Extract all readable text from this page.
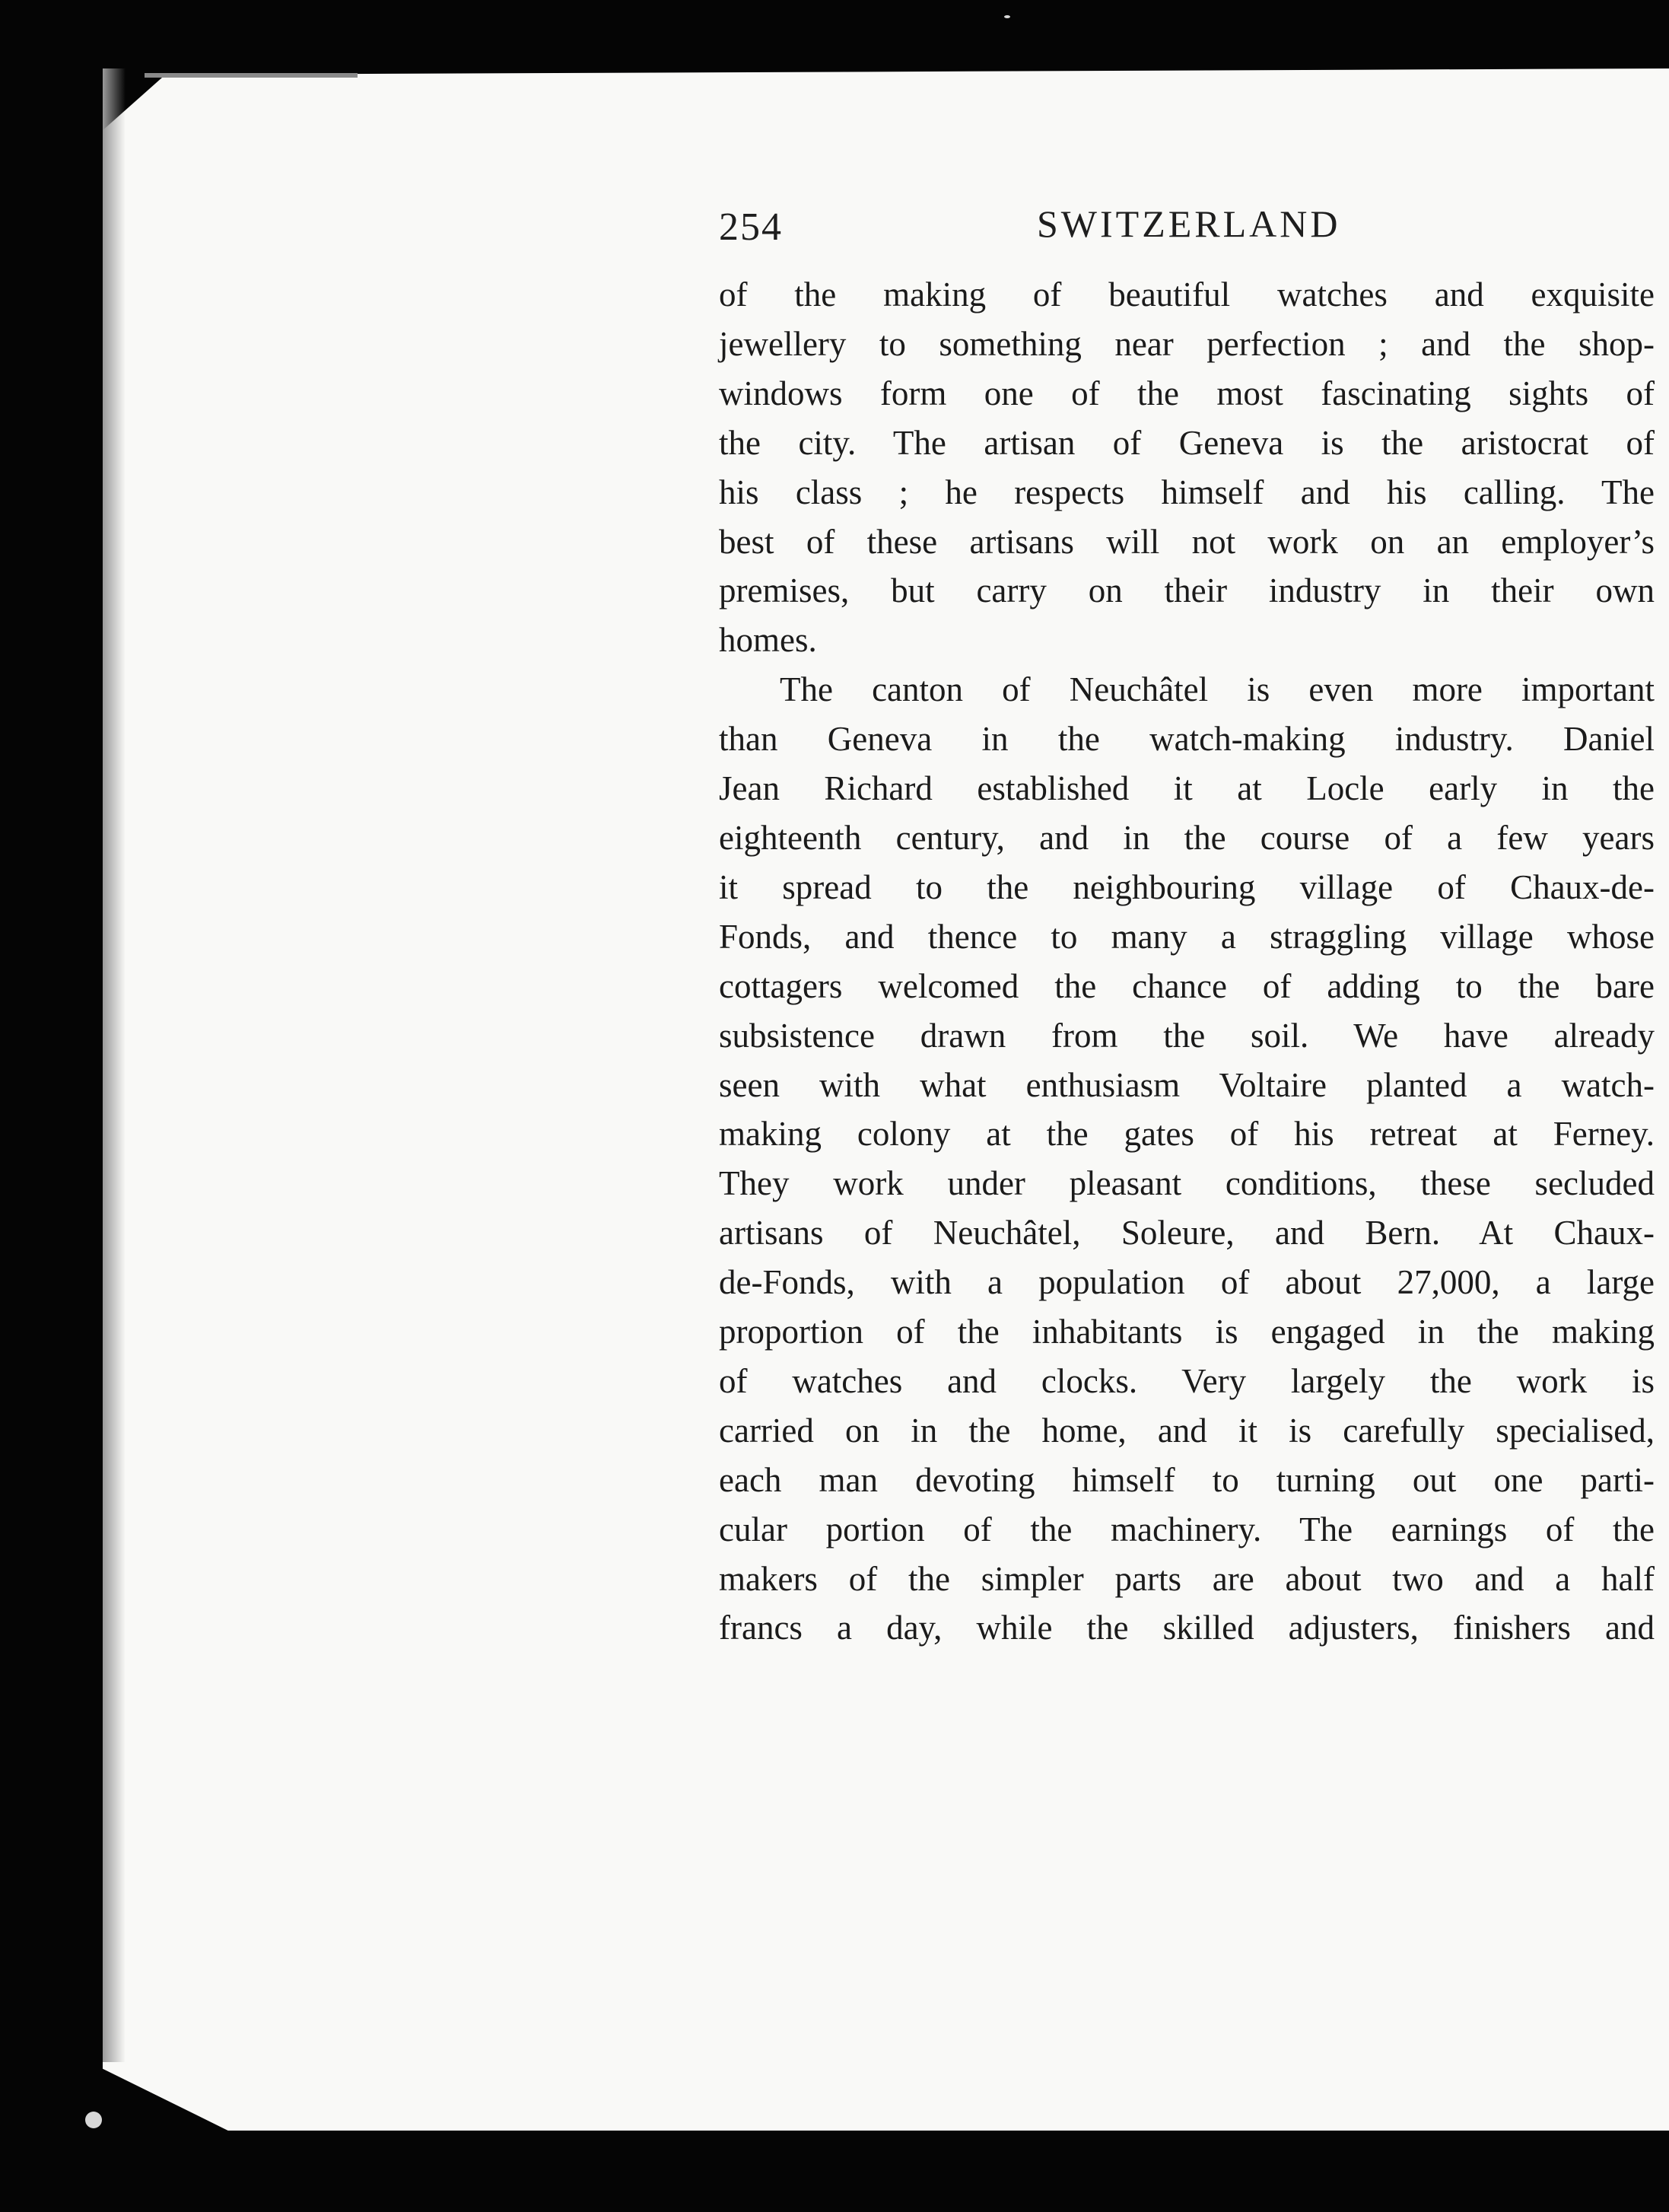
254	SWITZERLAND
of the making of beautiful watches and exquisite
jewellery to something near perfection ; and the shop-
windows form one of the most fascinating sights of
the city. The artisan of Geneva is the aristocrat of
his class ; he respects himself and his calling. The
best of these artisans will not work on an employer’s
premises, but carry on their industry in their own
homes.
The canton of Neuchâtel is even more important
than Geneva in the watch-making industry. Daniel
Jean Richard established it at Locle early in the
eighteenth century, and in the course of a few years
it spread to the neighbouring village of Chaux-de-
Fonds, and thence to many a straggling village whose
cottagers welcomed the chance of adding to the bare
subsistence drawn from the soil. We have already
seen with what enthusiasm Voltaire planted a watch-
making colony at the gates of his retreat at Ferney.
They work under pleasant conditions, these secluded
artisans of Neuchâtel, Soleure, and Bern. At Chaux-
de-Fonds, with a population of about 27,000, a large
proportion of the inhabitants is engaged in the making
of watches and clocks. Very largely the work is
carried on in the home, and it is carefully specialised,
each man devoting himself to turning out one parti-
cular portion of the machinery. The earnings of the
makers of the simpler parts are about two and a half
francs a day, while the skilled adjusters, finishers and
